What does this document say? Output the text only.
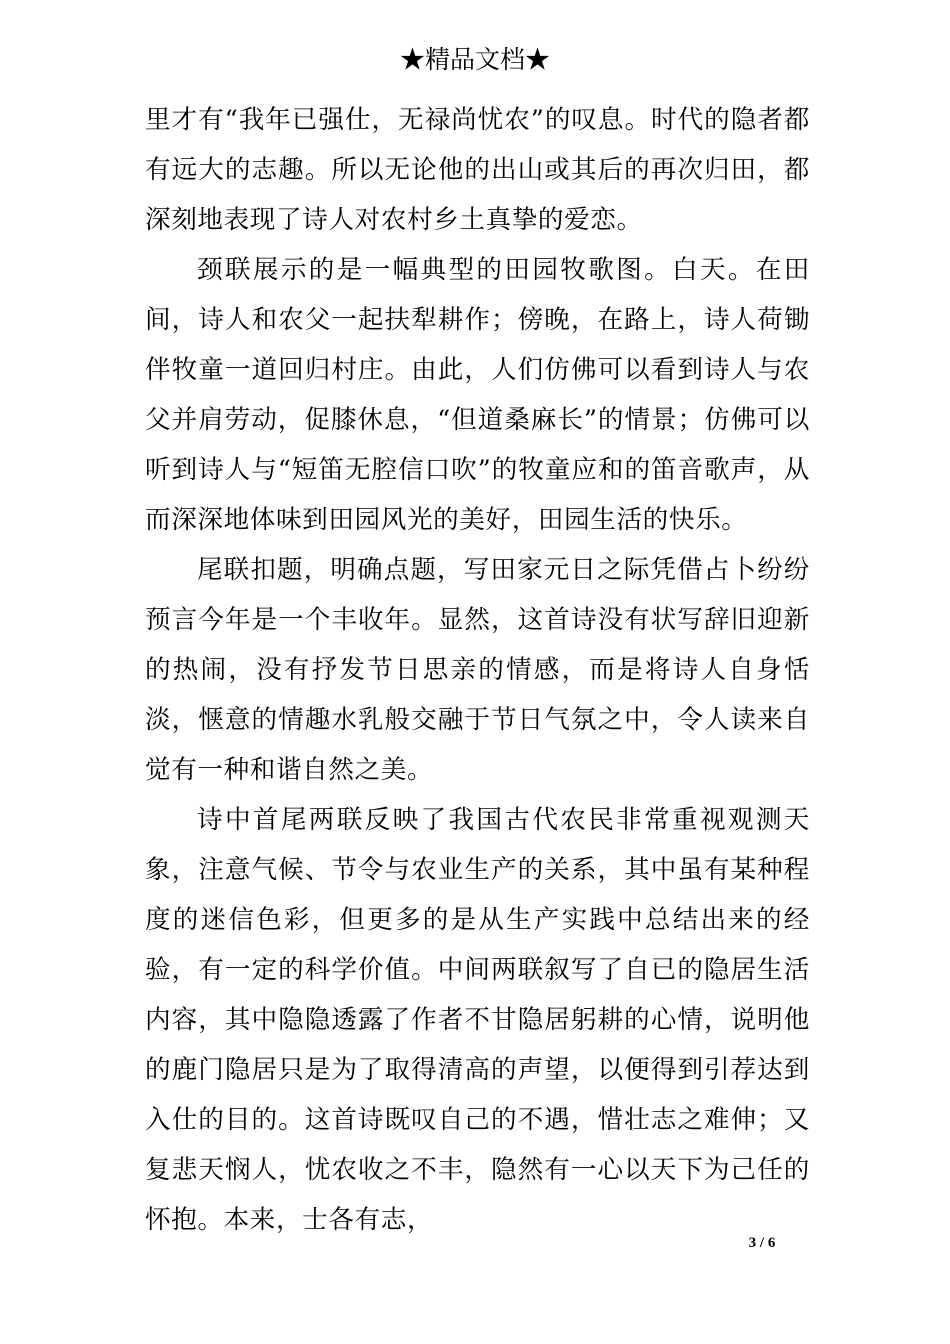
★精品文档★

里才有“我年已强仕，无禄尚忧农”的叹息。时代的隐者都有远大的志趣。所以无论他的出山或其后的再次归田，都深刻地表现了诗人对农村乡土真挚的爱恋。

颈联展示的是一幅典型的田园牧歌图。白天。在田间，诗人和农父一起扶犁耕作；傍晚，在路上，诗人荷锄伴牧童一道回归村庄。由此，人们仿佛可以看到诗人与农父并肩劳动，促膝休息，“但道桑麻长”的情景；仿佛可以听到诗人与“短笛无腔信口吹”的牧童应和的笛音歌声，从而深深地体味到田园风光的美好，田园生活的快乐。

尾联扣题，明确点题，写田家元日之际凭借占卜纷纷预言今年是一个丰收年。显然，这首诗没有状写辞旧迎新的热闹，没有抒发节日思亲的情感，而是将诗人自身恬淡，惬意的情趣水乳般交融于节日气氛之中，令人读来自觉有一种和谐自然之美。

诗中首尾两联反映了我国古代农民非常重视观测天象，注意气候、节令与农业生产的关系，其中虽有某种程度的迷信色彩，但更多的是从生产实践中总结出来的经验，有一定的科学价值。中间两联叙写了自已的隐居生活内容，其中隐隐透露了作者不甘隐居躬耕的心情，说明他的鹿门隐居只是为了取得清高的声望，以便得到引荐达到入仕的目的。这首诗既叹自己的不遇，惜壮志之难伸；又复悲天悯人，忧农收之不丰，隐然有一心以天下为己任的怀抱。本来，士各有志，

3 / 6
